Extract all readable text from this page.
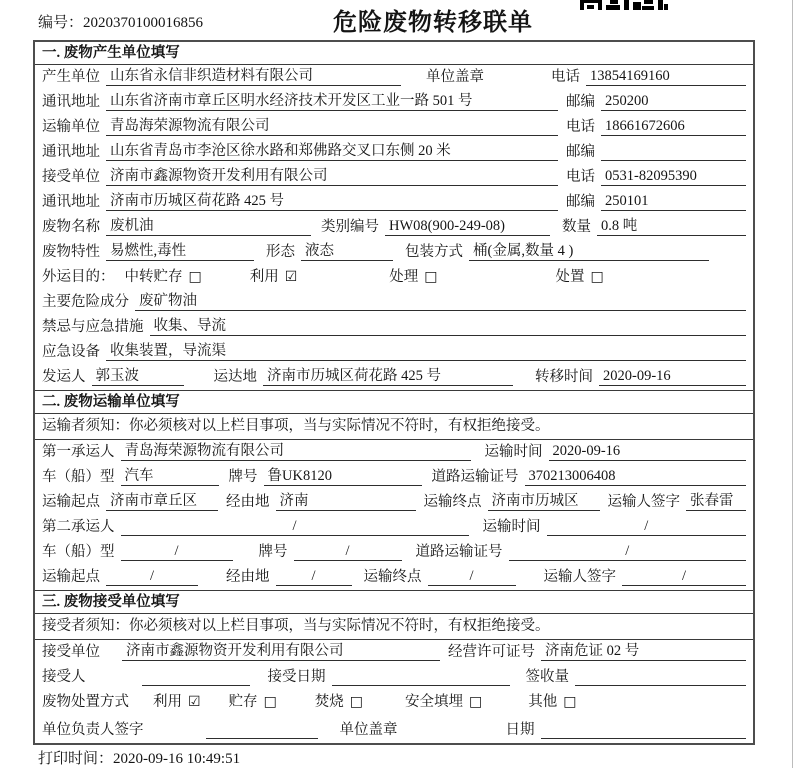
编号：2020370100016856	危险废物转移联单
一. 废物产生单位填写
产生单位 山东省永信非织造材料有限公司	单位盖章	电话 13854169160
通讯地址 山东省济南市章丘区明水经济技术开发区工业一路 501 号	邮编 250200
运输单位 青岛海荣源物流有限公司	电话 18661672606
通讯地址 山东省青岛市李沧区徐水路和郑佛路交叉口东侧 20 米	邮编
接受单位 济南市鑫源物资开发利用有限公司	电话 0531-82095390
通讯地址 济南市历城区荷花路 425 号	邮编 250101
废物名称 废机油	类别编号 HW08(900-249-08)	数量 0.8 吨
废物特性 易燃性,毒性	形态 液态	包装方式 桶(金属,数量 4 )
外运目的： 中转贮存 □	利用 ☑	处理 □	处置 □
主要危险成分 废矿物油
禁忌与应急措施 收集、导流
应急设备 收集装置，导流渠
发运人 郭玉波	运达地 济南市历城区荷花路 425 号	转移时间 2020-09-16
二. 废物运输单位填写
运输者须知：你必须核对以上栏目事项，当与实际情况不符时，有权拒绝接受。
第一承运人 青岛海荣源物流有限公司	运输时间 2020-09-16
车（船）型 汽车	牌号 鲁UK8120	道路运输证号 370213006408
运输起点 济南市章丘区	经由地 济南	运输终点 济南市历城区	运输人签字 张春雷
第二承运人	/	运输时间	/
车（船）型	/	牌号	/	道路运输证号	/
运输起点	/	经由地	/	运输终点	/	运输人签字	/
三. 废物接受单位填写
接受者须知：你必须核对以上栏目事项，当与实际情况不符时，有权拒绝接受。
接受单位 济南市鑫源物资开发利用有限公司	经营许可证号 济南危证 02 号
接受人	接受日期	签收量
废物处置方式 利用 ☑ 贮存 □	焚烧 □	安全填埋 □	其他 □
单位负责人签字	单位盖章	日期
打印时间：2020-09-16 10:49:51
